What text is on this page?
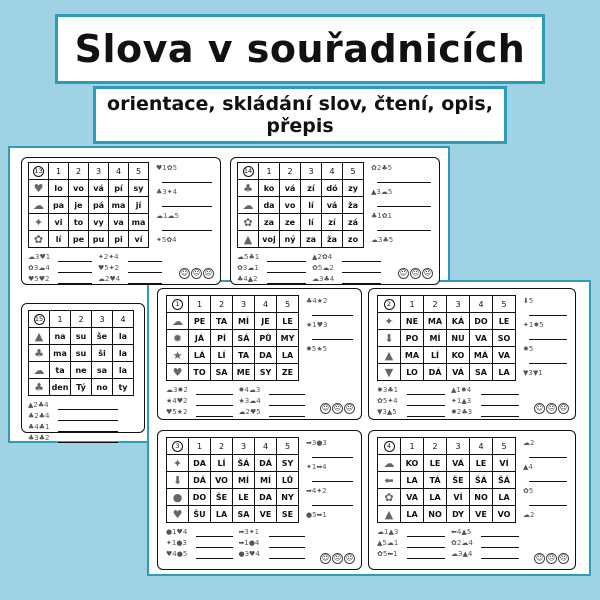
Slova v souřadnicích

orientace, skládání slov, čtení, opis, přepis

13	1	2	3	4	5
♥	lo	vo	vá	pí	sy
☁	pa	je	pá	ma	jí
✦	vi	to	vy	va	ma
✿	lí	pe	pu	pi	ví
♥1✿5
♣3✦4
☁1☁5
✦5✿4
☁3♥1
✿3☁4
♥5♥2
✦2✦4
♥5✦2
☁2♥4
☺ 😐 ☹
14	1	2	3	4	5
♣	ko	vá	zí	dó	zy
☁	da	vo	lí	vá	ža
✿	za	ze	lí	zí	zá
▲	voj	ný	za	ža	zo
✿2♣5
▲3☁5
♣1✿1
☁3♣5
☁5♣1
✿3☁1
♣4▲2
▲2✿4
✿5☁2
☁3♣4
☺ 😐 ☹
15	1	2	3	4
▲	na	su	še	la
♣	ma	su	ši	la
☁	ta	ne	sa	la
♣	den	Tý	no	ty
▲2♣4
♣2♣4
♣4♣1
♣3♣2
1	1	2	3	4	5
☁	PE	TA	MÍ	JE	LE
✹	JÁ	PÍ	SÁ	PŮ	MY
★	LÁ	LÍ	TA	DA	LA
♥	TO	SA	ME	SY	ZE
♣4★2
★1♥3
✹5★5
☁3✹2
★4♥2
♥5★2
✹4☁3
★3☁4
☁2♥5	☺ 😐 ☹
2	1	2	3	4	5
✦	NE	MA	KÁ	DO	LE
⬇	PO	MÍ	NU	VA	SO
▲	MA	LÍ	KO	MÁ	VA
▼	LO	DÁ	VÁ	SA	LA
⬇5
✦1✹5
✹5
▼3▼1
✹3♣1
✿5✦4
▼3▲5
▲1✹4
✦1▲3
✹2♣3	☺ 😐 ☹
3	1	2	3	4	5
✦	DA	LÍ	ŠÁ	DÁ	SY
⬇	DÁ	VO	MÍ	MÍ	LŮ
●	DO	ŠE	LE	DA	NY
♥	ŠU	LA	SA	VE	SE
➡3●3
✦1➡4
➡4✦2
●5➡1
●1♥4
✦1●3
♥4●5
➡3✦1
➡1●4
●3♥4	☺ 😐 ☹
4	1	2	3	4	5
☁	KO	LE	VÁ	LE	VÍ
⬅	LA	TÁ	ŠE	ŠÁ	ŠÁ
✿	VA	LA	VÍ	NO	LA
▲	LA	NO	DY	VE	VO
☁2
▲4
✿5
☁2
☁1▲3
▲5☁1
✿5⬅1
⬅4▲5
✿2☁4
☁3▲4	☺ 😐 ☹
